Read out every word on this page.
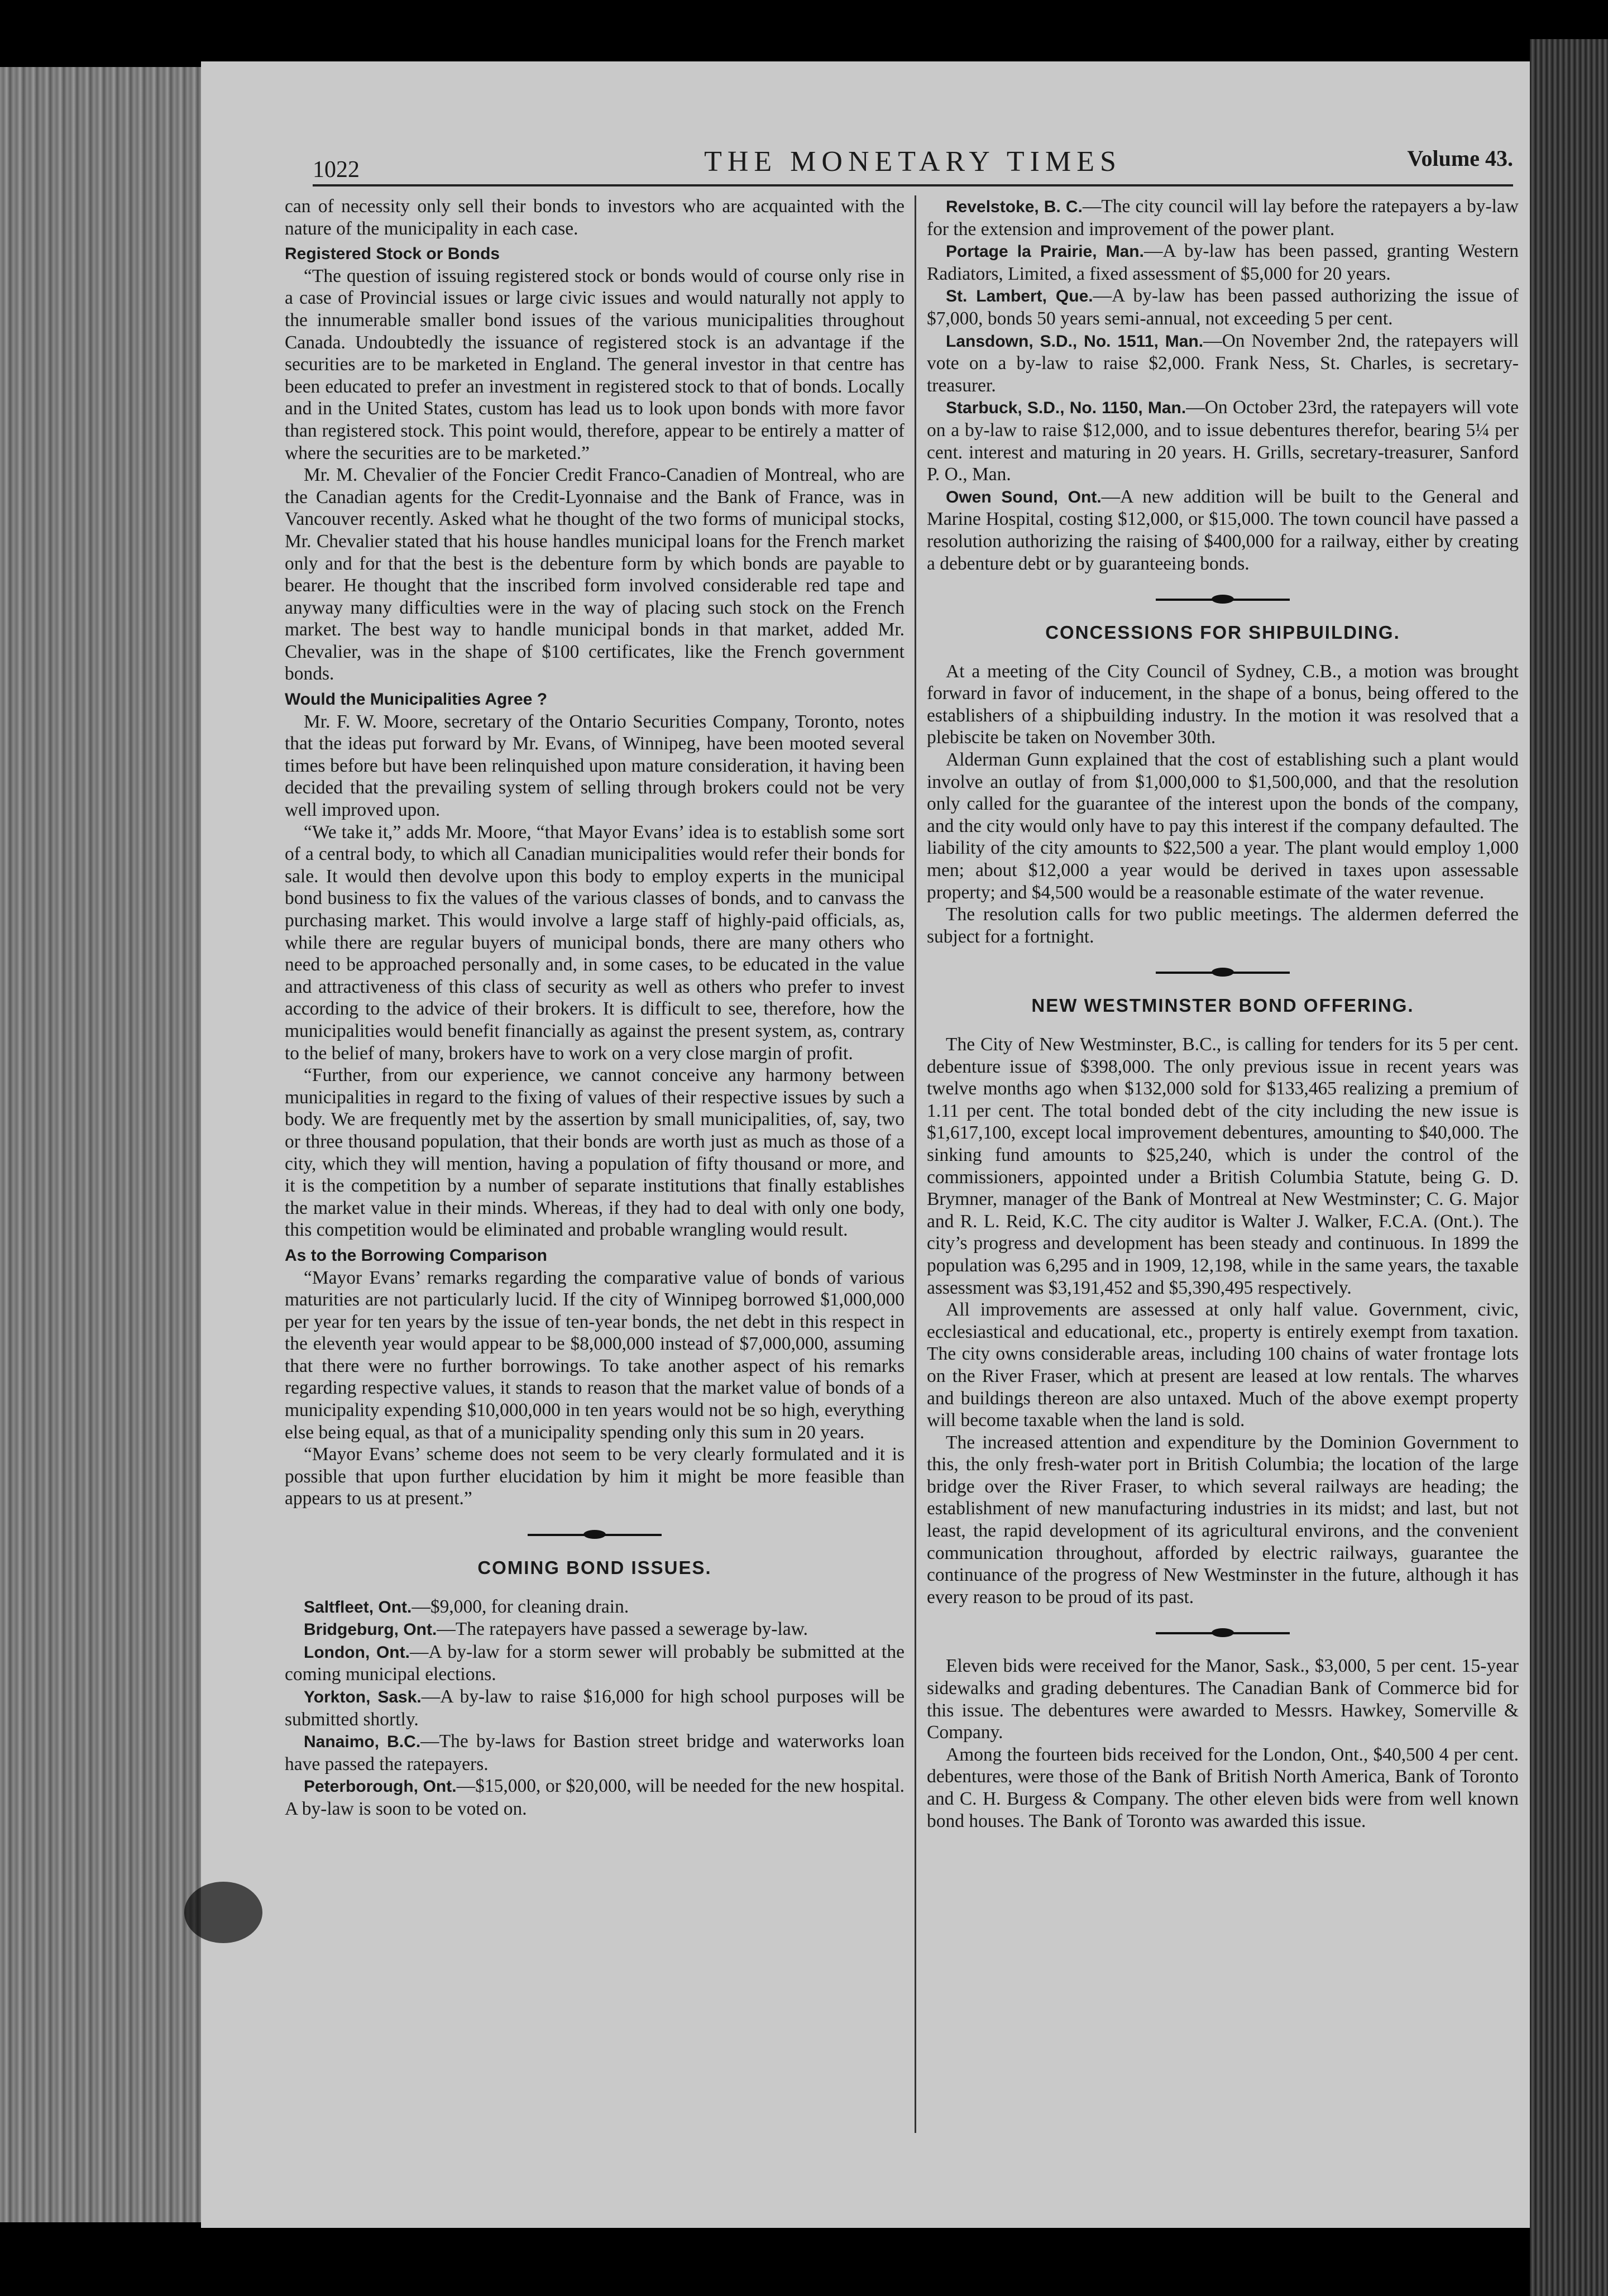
1022	THE MONETARY TIMES	Volume 43.

can of necessity only sell their bonds to investors who are acquainted with the nature of the municipality in each case.

Registered Stock or Bonds

“The question of issuing registered stock or bonds would of course only rise in a case of Provincial issues or large civic issues and would naturally not apply to the innumerable smaller bond issues of the various municipalities throughout Canada. Undoubtedly the issuance of registered stock is an advantage if the securities are to be marketed in England. The general investor in that centre has been educated to prefer an investment in registered stock to that of bonds. Locally and in the United States, custom has lead us to look upon bonds with more favor than registered stock. This point would, therefore, appear to be entirely a matter of where the securities are to be marketed.”

Mr. M. Chevalier of the Foncier Credit Franco-Canadien of Montreal, who are the Canadian agents for the Credit-Lyonnaise and the Bank of France, was in Vancouver recently. Asked what he thought of the two forms of municipal stocks, Mr. Chevalier stated that his house handles municipal loans for the French market only and for that the best is the debenture form by which bonds are payable to bearer. He thought that the inscribed form involved considerable red tape and anyway many difficulties were in the way of placing such stock on the French market. The best way to handle municipal bonds in that market, added Mr. Chevalier, was in the shape of $100 certificates, like the French government bonds.

Would the Municipalities Agree ?

Mr. F. W. Moore, secretary of the Ontario Securities Company, Toronto, notes that the ideas put forward by Mr. Evans, of Winnipeg, have been mooted several times before but have been relinquished upon mature consideration, it having been decided that the prevailing system of selling through brokers could not be very well improved upon.

“We take it,” adds Mr. Moore, “that Mayor Evans’ idea is to establish some sort of a central body, to which all Canadian municipalities would refer their bonds for sale. It would then devolve upon this body to employ experts in the municipal bond business to fix the values of the various classes of bonds, and to canvass the purchasing market. This would involve a large staff of highly-paid officials, as, while there are regular buyers of municipal bonds, there are many others who need to be approached personally and, in some cases, to be educated in the value and attractiveness of this class of security as well as others who prefer to invest according to the advice of their brokers. It is difficult to see, therefore, how the municipalities would benefit financially as against the present system, as, contrary to the belief of many, brokers have to work on a very close margin of profit.

“Further, from our experience, we cannot conceive any harmony between municipalities in regard to the fixing of values of their respective issues by such a body. We are frequently met by the assertion by small municipalities, of, say, two or three thousand population, that their bonds are worth just as much as those of a city, which they will mention, having a population of fifty thousand or more, and it is the competition by a number of separate institutions that finally establishes the market value in their minds. Whereas, if they had to deal with only one body, this competition would be eliminated and probable wrangling would result.

As to the Borrowing Comparison

“Mayor Evans’ remarks regarding the comparative value of bonds of various maturities are not particularly lucid. If the city of Winnipeg borrowed $1,000,000 per year for ten years by the issue of ten-year bonds, the net debt in this respect in the eleventh year would appear to be $8,000,000 instead of $7,000,000, assuming that there were no further borrowings. To take another aspect of his remarks regarding respective values, it stands to reason that the market value of bonds of a municipality expending $10,000,000 in ten years would not be so high, everything else being equal, as that of a municipality spending only this sum in 20 years.

“Mayor Evans’ scheme does not seem to be very clearly formulated and it is possible that upon further elucidation by him it might be more feasible than appears to us at present.”

COMING BOND ISSUES.

Saltfleet, Ont.—$9,000, for cleaning drain.

Bridgeburg, Ont.—The ratepayers have passed a sewerage by-law.

London, Ont.—A by-law for a storm sewer will probably be submitted at the coming municipal elections.

Yorkton, Sask.—A by-law to raise $16,000 for high school purposes will be submitted shortly.

Nanaimo, B.C.—The by-laws for Bastion street bridge and waterworks loan have passed the ratepayers.

Peterborough, Ont.—$15,000, or $20,000, will be needed for the new hospital. A by-law is soon to be voted on.

Revelstoke, B. C.—The city council will lay before the ratepayers a by-law for the extension and improvement of the power plant.

Portage la Prairie, Man.—A by-law has been passed, granting Western Radiators, Limited, a fixed assessment of $5,000 for 20 years.

St. Lambert, Que.—A by-law has been passed authorizing the issue of $7,000, bonds 50 years semi-annual, not exceeding 5 per cent.

Lansdown, S.D., No. 1511, Man.—On November 2nd, the ratepayers will vote on a by-law to raise $2,000. Frank Ness, St. Charles, is secretary-treasurer.

Starbuck, S.D., No. 1150, Man.—On October 23rd, the ratepayers will vote on a by-law to raise $12,000, and to issue debentures therefor, bearing 5¼ per cent. interest and maturing in 20 years. H. Grills, secretary-treasurer, Sanford P. O., Man.

Owen Sound, Ont.—A new addition will be built to the General and Marine Hospital, costing $12,000, or $15,000. The town council have passed a resolution authorizing the raising of $400,000 for a railway, either by creating a debenture debt or by guaranteeing bonds.

CONCESSIONS FOR SHIPBUILDING.

At a meeting of the City Council of Sydney, C.B., a motion was brought forward in favor of inducement, in the shape of a bonus, being offered to the establishers of a shipbuilding industry. In the motion it was resolved that a plebiscite be taken on November 30th.

Alderman Gunn explained that the cost of establishing such a plant would involve an outlay of from $1,000,000 to $1,500,000, and that the resolution only called for the guarantee of the interest upon the bonds of the company, and the city would only have to pay this interest if the company defaulted. The liability of the city amounts to $22,500 a year. The plant would employ 1,000 men; about $12,000 a year would be derived in taxes upon assessable property; and $4,500 would be a reasonable estimate of the water revenue.

The resolution calls for two public meetings. The aldermen deferred the subject for a fortnight.

NEW WESTMINSTER BOND OFFERING.

The City of New Westminster, B.C., is calling for tenders for its 5 per cent. debenture issue of $398,000. The only previous issue in recent years was twelve months ago when $132,000 sold for $133,465 realizing a premium of 1.11 per cent. The total bonded debt of the city including the new issue is $1,617,100, except local improvement debentures, amounting to $40,000. The sinking fund amounts to $25,240, which is under the control of the commissioners, appointed under a British Columbia Statute, being G. D. Brymner, manager of the Bank of Montreal at New Westminster; C. G. Major and R. L. Reid, K.C. The city auditor is Walter J. Walker, F.C.A. (Ont.). The city’s progress and development has been steady and continuous. In 1899 the population was 6,295 and in 1909, 12,198, while in the same years, the taxable assessment was $3,191,452 and $5,390,495 respectively.

All improvements are assessed at only half value. Government, civic, ecclesiastical and educational, etc., property is entirely exempt from taxation. The city owns considerable areas, including 100 chains of water frontage lots on the River Fraser, which at present are leased at low rentals. The wharves and buildings thereon are also untaxed. Much of the above exempt property will become taxable when the land is sold.

The increased attention and expenditure by the Dominion Government to this, the only fresh-water port in British Columbia; the location of the large bridge over the River Fraser, to which several railways are heading; the establishment of new manufacturing industries in its midst; and last, but not least, the rapid development of its agricultural environs, and the convenient communication throughout, afforded by electric railways, guarantee the continuance of the progress of New Westminster in the future, although it has every reason to be proud of its past.

Eleven bids were received for the Manor, Sask., $3,000, 5 per cent. 15-year sidewalks and grading debentures. The Canadian Bank of Commerce bid for this issue. The debentures were awarded to Messrs. Hawkey, Somerville & Company.

Among the fourteen bids received for the London, Ont., $40,500 4 per cent. debentures, were those of the Bank of British North America, Bank of Toronto and C. H. Burgess & Company. The other eleven bids were from well known bond houses. The Bank of Toronto was awarded this issue.
